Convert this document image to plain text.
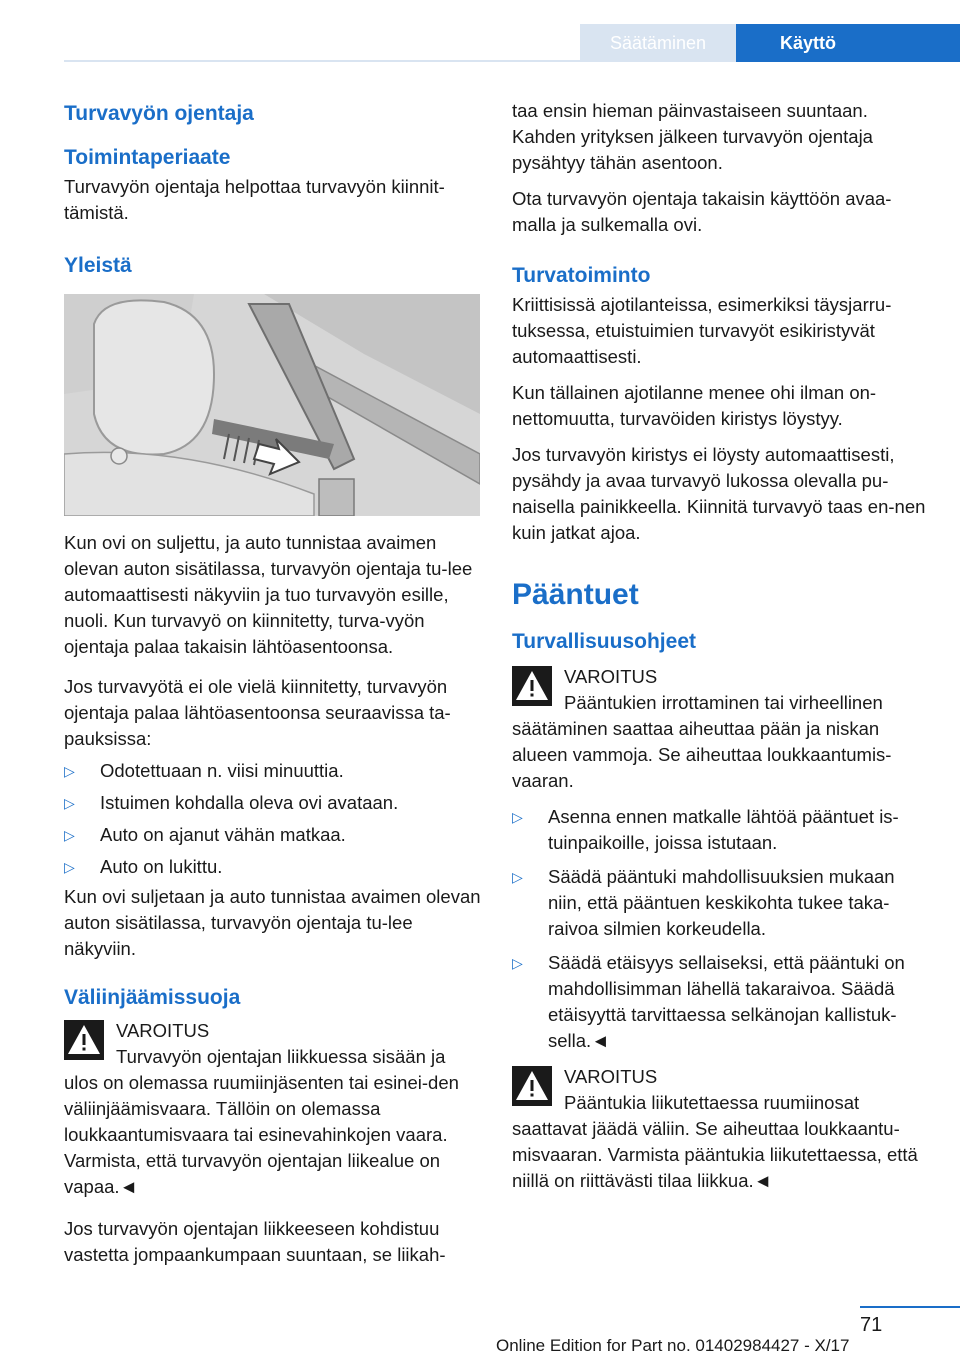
Säätäminen	Käyttö
Turvavyön ojentaja
Toimintaperiaate

Turvavyön ojentaja helpottaa turvavyön kiinnit‐tämistä.

Yleistä

Kun ovi on suljettu, ja auto tunnistaa avaimen olevan auton sisätilassa, turvavyön ojentaja tu‐lee automaattisesti näkyviin ja tuo turvavyön esille, nuoli. Kun turvavyö on kiinnitetty, turva‐vyön ojentaja palaa takaisin lähtöasentoonsa.

Jos turvavyötä ei ole vielä kiinnitetty, turvavyön ojentaja palaa lähtöasentoonsa seuraavissa ta‐pauksissa:

▷ Odotettuaan n. viisi minuuttia.
▷ Istuimen kohdalla oleva ovi avataan.
▷ Auto on ajanut vähän matkaa.
▷ Auto on lukittu.

Kun ovi suljetaan ja auto tunnistaa avaimen olevan auton sisätilassa, turvavyön ojentaja tu‐lee näkyviin.

Väliinjäämissuoja
VAROITUS
Turvavyön ojentajan liikkuessa sisään ja

ulos on olemassa ruumiinjäsenten tai esinei‐den väliinjäämisvaara. Tällöin on olemassa loukkaantumisvaara tai esinevahinkojen vaara. Varmista, että turvavyön ojentajan liikealue on vapaa.◄

Jos turvavyön ojentajan liikkeeseen kohdistuu vastetta jompaankumpaan suuntaan, se liikah‐

taa ensin hieman päinvastaiseen suuntaan. Kahden yrityksen jälkeen turvavyön ojentaja pysähtyy tähän asentoon.

Ota turvavyön ojentaja takaisin käyttöön avaa‐malla ja sulkemalla ovi.

Turvatoiminto

Kriittisissä ajotilanteissa, esimerkiksi täysjarru‐tuksessa, etuistuimien turvavyöt esikiristyvät automaattisesti.

Kun tällainen ajotilanne menee ohi ilman on‐nettomuutta, turvavöiden kiristys löystyy.

Jos turvavyön kiristys ei löysty automaattisesti, pysähdy ja avaa turvavyö lukossa olevalla pu‐naisella painikkeella. Kiinnitä turvavyö taas en‐nen kuin jatkat ajoa.

Pääntuet
Turvallisuusohjeet
VAROITUS
Pääntukien irrottaminen tai virheellinen

säätäminen saattaa aiheuttaa pään ja niskan alueen vammoja. Se aiheuttaa loukkaantumis‐vaaran.

▷ Asenna ennen matkalle lähtöä pääntuet is‐tuinpaikoille, joissa istutaan.
▷ Säädä pääntuki mahdollisuuksien mukaan niin, että pääntuen keskikohta tukee taka‐raivoa silmien korkeudella.
▷ Säädä etäisyys sellaiseksi, että pääntuki on mahdollisimman lähellä takaraivoa. Säädä etäisyyttä tarvittaessa selkänojan kallistuk‐sella.◄
VAROITUS
Pääntukia liikutettaessa ruumiinosat

saattavat jäädä väliin. Se aiheuttaa loukkaantu‐misvaaran. Varmista pääntukia liikutettaessa, että niillä on riittävästi tilaa liikkua.◄

71
Online Edition for Part no. 01402984427 - X/17
